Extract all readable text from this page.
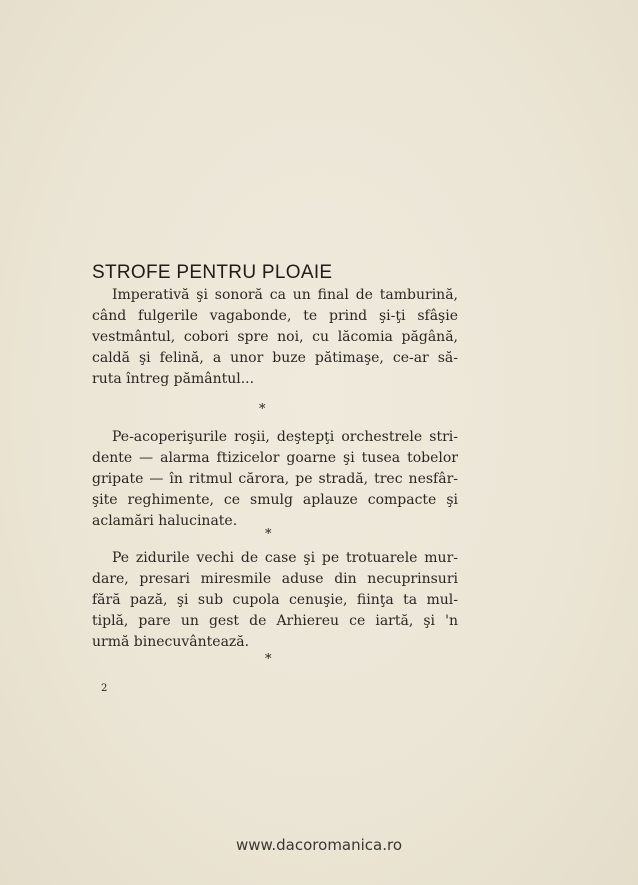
STROFE PENTRU PLOAIE
Imperativă şi sonoră ca un final de tamburină,
când fulgerile vagabonde, te prind şi-ţi sfâşie
vestmântul, cobori spre noi, cu lăcomia păgână,
caldă şi felină, a unor buze pătimaşe, ce-ar să-
ruta întreg pământul...
*
Pe-acoperişurile roşii, deştepţi orchestrele stri-
dente — alarma ftizicelor goarne şi tusea tobelor
gripate — în ritmul cărora, pe stradă, trec nesfâr-
şite reghimente, ce smulg aplauze compacte şi
aclamări halucinate.
*
Pe zidurile vechi de case şi pe trotuarele mur-
dare, presari miresmile aduse din necuprinsuri
fără pază, şi sub cupola cenuşie, fiinţa ta mul-
tiplă, pare un gest de Arhiereu ce iartă, şi 'n
urmă binecuvântează.
*
2
www.dacoromanica.ro
